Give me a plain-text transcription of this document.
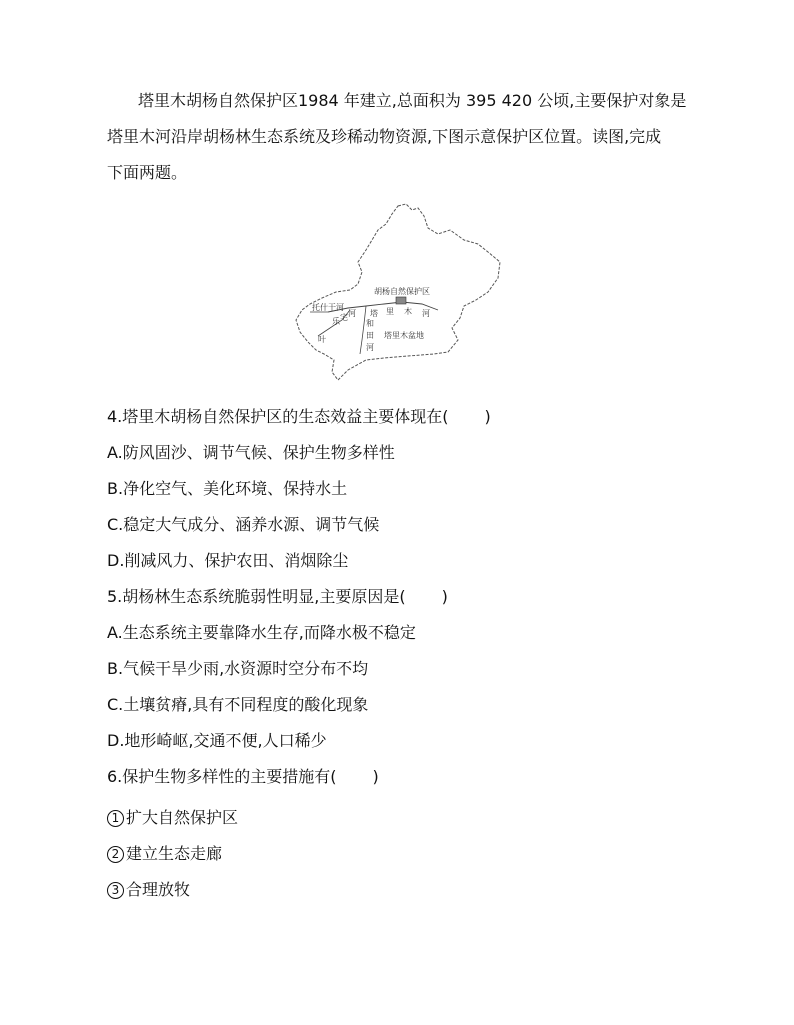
塔里木胡杨自然保护区1984 年建立,总面积为 395 420 公顷,主要保护对象是
塔里木河沿岸胡杨林生态系统及珍稀动物资源,下图示意保护区位置。读图,完成
下面两题。
胡杨自然保护区
塔 里 木 河
托什干河
乐 宅 河
叶
和
田
河
塔里木盆地
4.塔里木胡杨自然保护区的生态效益主要体现在( )
A.防风固沙、调节气候、保护生物多样性
B.净化空气、美化环境、保持水土
C.稳定大气成分、涵养水源、调节气候
D.削减风力、保护农田、消烟除尘
5.胡杨林生态系统脆弱性明显,主要原因是( )
A.生态系统主要靠降水生存,而降水极不稳定
B.气候干旱少雨,水资源时空分布不均
C.土壤贫瘠,具有不同程度的酸化现象
D.地形崎岖,交通不便,人口稀少
6.保护生物多样性的主要措施有( )
1 扩大自然保护区
2 建立生态走廊
3 合理放牧
